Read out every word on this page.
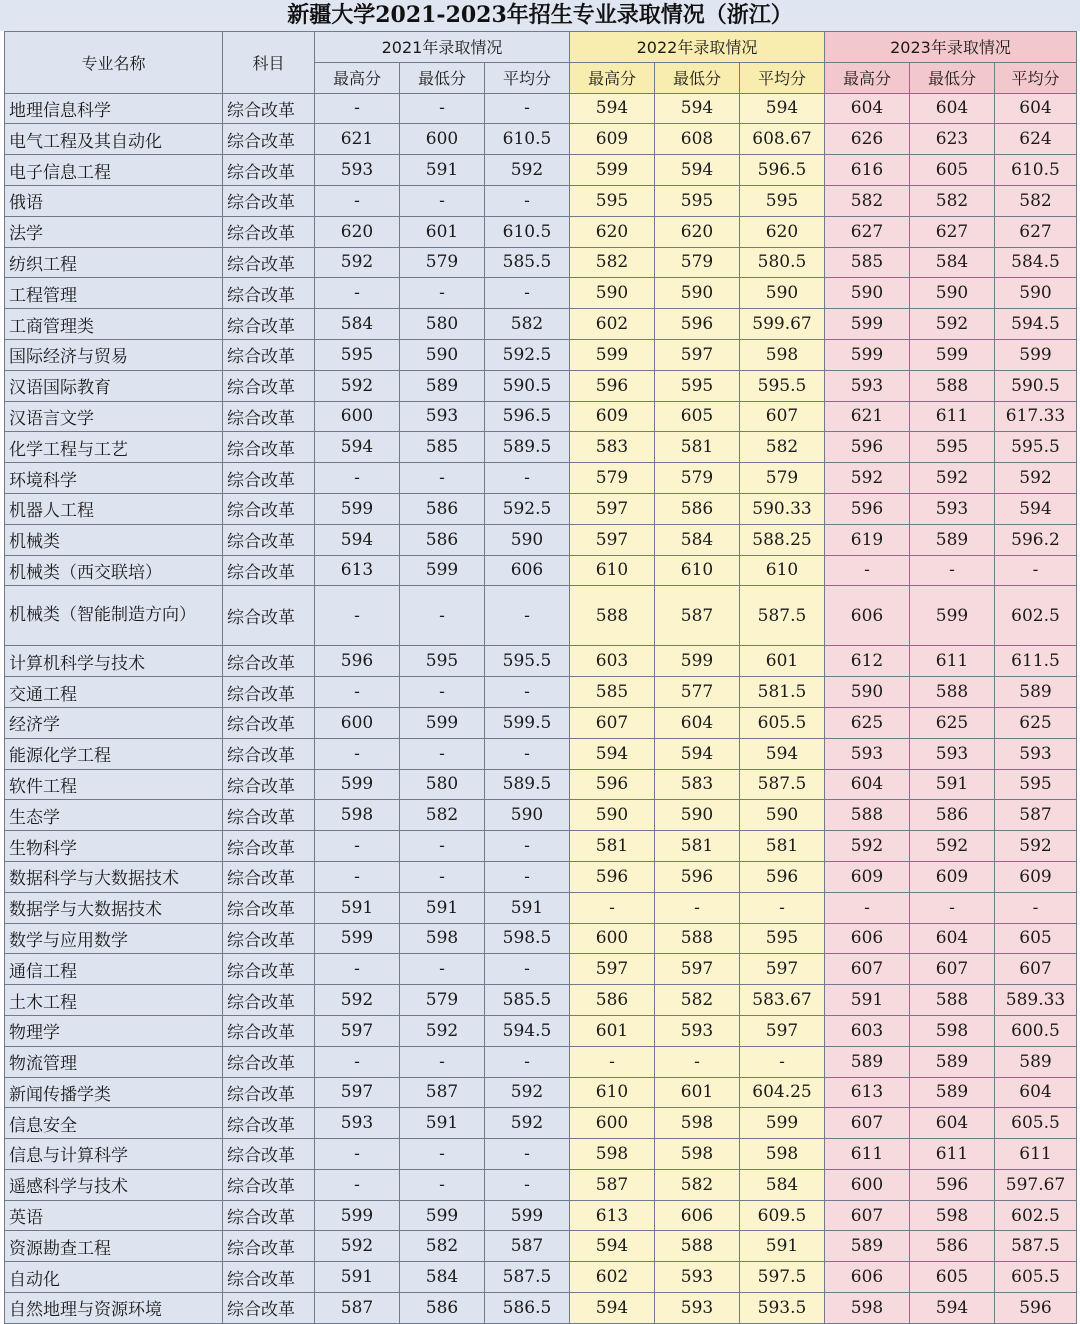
新疆大学2021-2023年招生专业录取情况（浙江）
专业名称	科目	2021年录取情况			2022年录取情况			2023年录取情况		
		最高分	最低分	平均分	最高分	最低分	平均分	最高分	最低分	平均分
地理信息科学	综合改革	-	-	-	594	594	594	604	604	604
电气工程及其自动化	综合改革	621	600	610.5	609	608	608.67	626	623	624
电子信息工程	综合改革	593	591	592	599	594	596.5	616	605	610.5
俄语	综合改革	-	-	-	595	595	595	582	582	582
法学	综合改革	620	601	610.5	620	620	620	627	627	627
纺织工程	综合改革	592	579	585.5	582	579	580.5	585	584	584.5
工程管理	综合改革	-	-	-	590	590	590	590	590	590
工商管理类	综合改革	584	580	582	602	596	599.67	599	592	594.5
国际经济与贸易	综合改革	595	590	592.5	599	597	598	599	599	599
汉语国际教育	综合改革	592	589	590.5	596	595	595.5	593	588	590.5
汉语言文学	综合改革	600	593	596.5	609	605	607	621	611	617.33
化学工程与工艺	综合改革	594	585	589.5	583	581	582	596	595	595.5
环境科学	综合改革	-	-	-	579	579	579	592	592	592
机器人工程	综合改革	599	586	592.5	597	586	590.33	596	593	594
机械类	综合改革	594	586	590	597	584	588.25	619	589	596.2
机械类（西交联培）	综合改革	613	599	606	610	610	610	-	-	-
机械类（智能制造方向）	综合改革	-	-	-	588	587	587.5	606	599	602.5
计算机科学与技术	综合改革	596	595	595.5	603	599	601	612	611	611.5
交通工程	综合改革	-	-	-	585	577	581.5	590	588	589
经济学	综合改革	600	599	599.5	607	604	605.5	625	625	625
能源化学工程	综合改革	-	-	-	594	594	594	593	593	593
软件工程	综合改革	599	580	589.5	596	583	587.5	604	591	595
生态学	综合改革	598	582	590	590	590	590	588	586	587
生物科学	综合改革	-	-	-	581	581	581	592	592	592
数据科学与大数据技术	综合改革	-	-	-	596	596	596	609	609	609
数据学与大数据技术	综合改革	591	591	591	-	-	-	-	-	-
数学与应用数学	综合改革	599	598	598.5	600	588	595	606	604	605
通信工程	综合改革	-	-	-	597	597	597	607	607	607
土木工程	综合改革	592	579	585.5	586	582	583.67	591	588	589.33
物理学	综合改革	597	592	594.5	601	593	597	603	598	600.5
物流管理	综合改革	-	-	-	-	-	-	589	589	589
新闻传播学类	综合改革	597	587	592	610	601	604.25	613	589	604
信息安全	综合改革	593	591	592	600	598	599	607	604	605.5
信息与计算科学	综合改革	-	-	-	598	598	598	611	611	611
遥感科学与技术	综合改革	-	-	-	587	582	584	600	596	597.67
英语	综合改革	599	599	599	613	606	609.5	607	598	602.5
资源勘查工程	综合改革	592	582	587	594	588	591	589	586	587.5
自动化	综合改革	591	584	587.5	602	593	597.5	606	605	605.5
自然地理与资源环境	综合改革	587	586	586.5	594	593	593.5	598	594	596
